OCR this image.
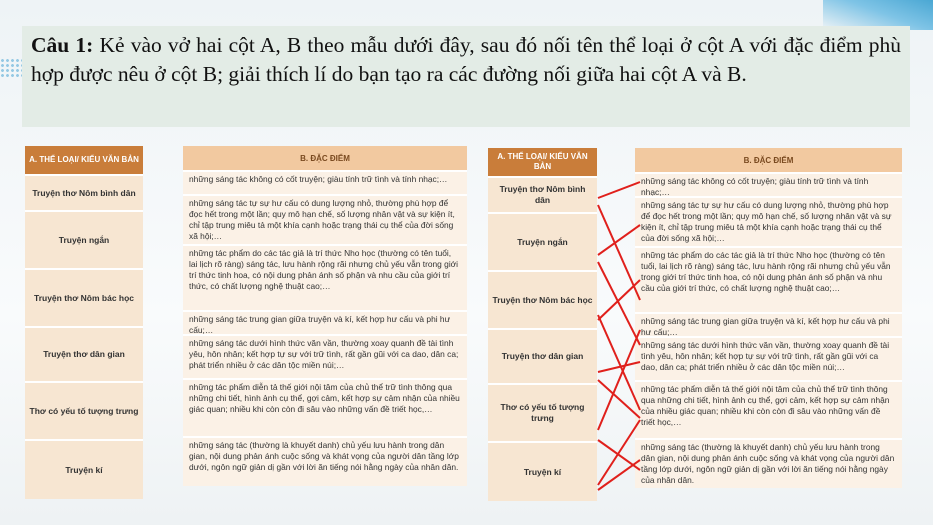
Câu 1: Kẻ vào vở hai cột A, B theo mẫu dưới đây, sau đó nối tên thể loại ở cột A với đặc điểm phù hợp được nêu ở cột B; giải thích lí do bạn tạo ra các đường nối giữa hai cột A và B.
A. THỂ LOẠI/ KIỂU VĂN BẢN
Truyện thơ Nôm bình dân
Truyện ngắn
Truyện thơ Nôm bác học
Truyện thơ dân gian
Thơ có yếu tố tượng trưng
Truyện kí
B. ĐẶC ĐIỂM
những sáng tác không có cốt truyện; giàu tính trữ tình và tính nhạc;…
những sáng tác tự sự hư cấu có dung lượng nhỏ, thường phù hợp để đọc hết trong một lần; quy mô hạn chế, số lượng nhân vật và sự kiện ít, chỉ tập trung miêu tả một khía cạnh hoặc trạng thái cụ thể của đời sống xã hội;…
những tác phẩm do các tác giả là trí thức Nho học (thường có tên tuổi, lai lịch rõ ràng) sáng tác, lưu hành rộng rãi nhưng chủ yếu vẫn trong giới trí thức tinh hoa, có nội dung phản ánh số phận và nhu cầu của giới trí thức, có chất lượng nghệ thuật cao;…
những sáng tác trung gian giữa truyện và kí, kết hợp hư cấu và phi hư cấu;…
những sáng tác dưới hình thức văn vần, thường xoay quanh đề tài tình yêu, hôn nhân; kết hợp tự sự với trữ tình, rất gần gũi với ca dao, dân ca; phát triển nhiều ở các dân tộc miền núi;…
những tác phẩm diễn tả thế giới nội tâm của chủ thể trữ tình thông qua những chi tiết, hình ảnh cụ thể, gợi cảm, kết hợp sự cảm nhận của nhiều giác quan; nhiều khi còn còn đi sâu vào những vấn đề triết học,…
những sáng tác (thường là khuyết danh) chủ yếu lưu hành trong dân gian, nội dung phản ánh cuộc sống và khát vọng của người dân tầng lớp dưới, ngôn ngữ giản dị gần với lời ăn tiếng nói hằng ngày của nhân dân.
A. THỂ LOẠI/ KIỂU VĂN BẢN
Truyện thơ Nôm bình dân
Truyện ngắn
Truyện thơ Nôm bác học
Truyện thơ dân gian
Thơ có yếu tố tượng trưng
Truyện kí
B. ĐẶC ĐIỂM
những sáng tác không có cốt truyện; giàu tính trữ tình và tính nhạc;…
những sáng tác tự sự hư cấu có dung lượng nhỏ, thường phù hợp để đọc hết trong một lần; quy mô hạn chế, số lượng nhân vật và sự kiện ít, chỉ tập trung miêu tả một khía cạnh hoặc trạng thái cụ thể của đời sống xã hội;…
những tác phẩm do các tác giả là trí thức Nho học (thường có tên tuổi, lai lịch rõ ràng) sáng tác, lưu hành rộng rãi nhưng chủ yếu vẫn trong giới trí thức tinh hoa, có nội dung phản ánh số phận và nhu cầu của giới trí thức, có chất lượng nghệ thuật cao;…
những sáng tác trung gian giữa truyện và kí, kết hợp hư cấu và phi hư cấu;…
những sáng tác dưới hình thức văn vần, thường xoay quanh đề tài tình yêu, hôn nhân; kết hợp tự sự với trữ tình, rất gần gũi với ca dao, dân ca; phát triển nhiều ở các dân tộc miền núi;…
những tác phẩm diễn tả thế giới nội tâm của chủ thể trữ tình thông qua những chi tiết, hình ảnh cụ thể, gợi cảm, kết hợp sự cảm nhận của nhiều giác quan; nhiều khi còn còn đi sâu vào những vấn đề triết học,…
những sáng tác (thường là khuyết danh) chủ yếu lưu hành trong dân gian, nội dung phản ánh cuộc sống và khát vọng của người dân tầng lớp dưới, ngôn ngữ giản dị gần với lời ăn tiếng nói hằng ngày của nhân dân.
